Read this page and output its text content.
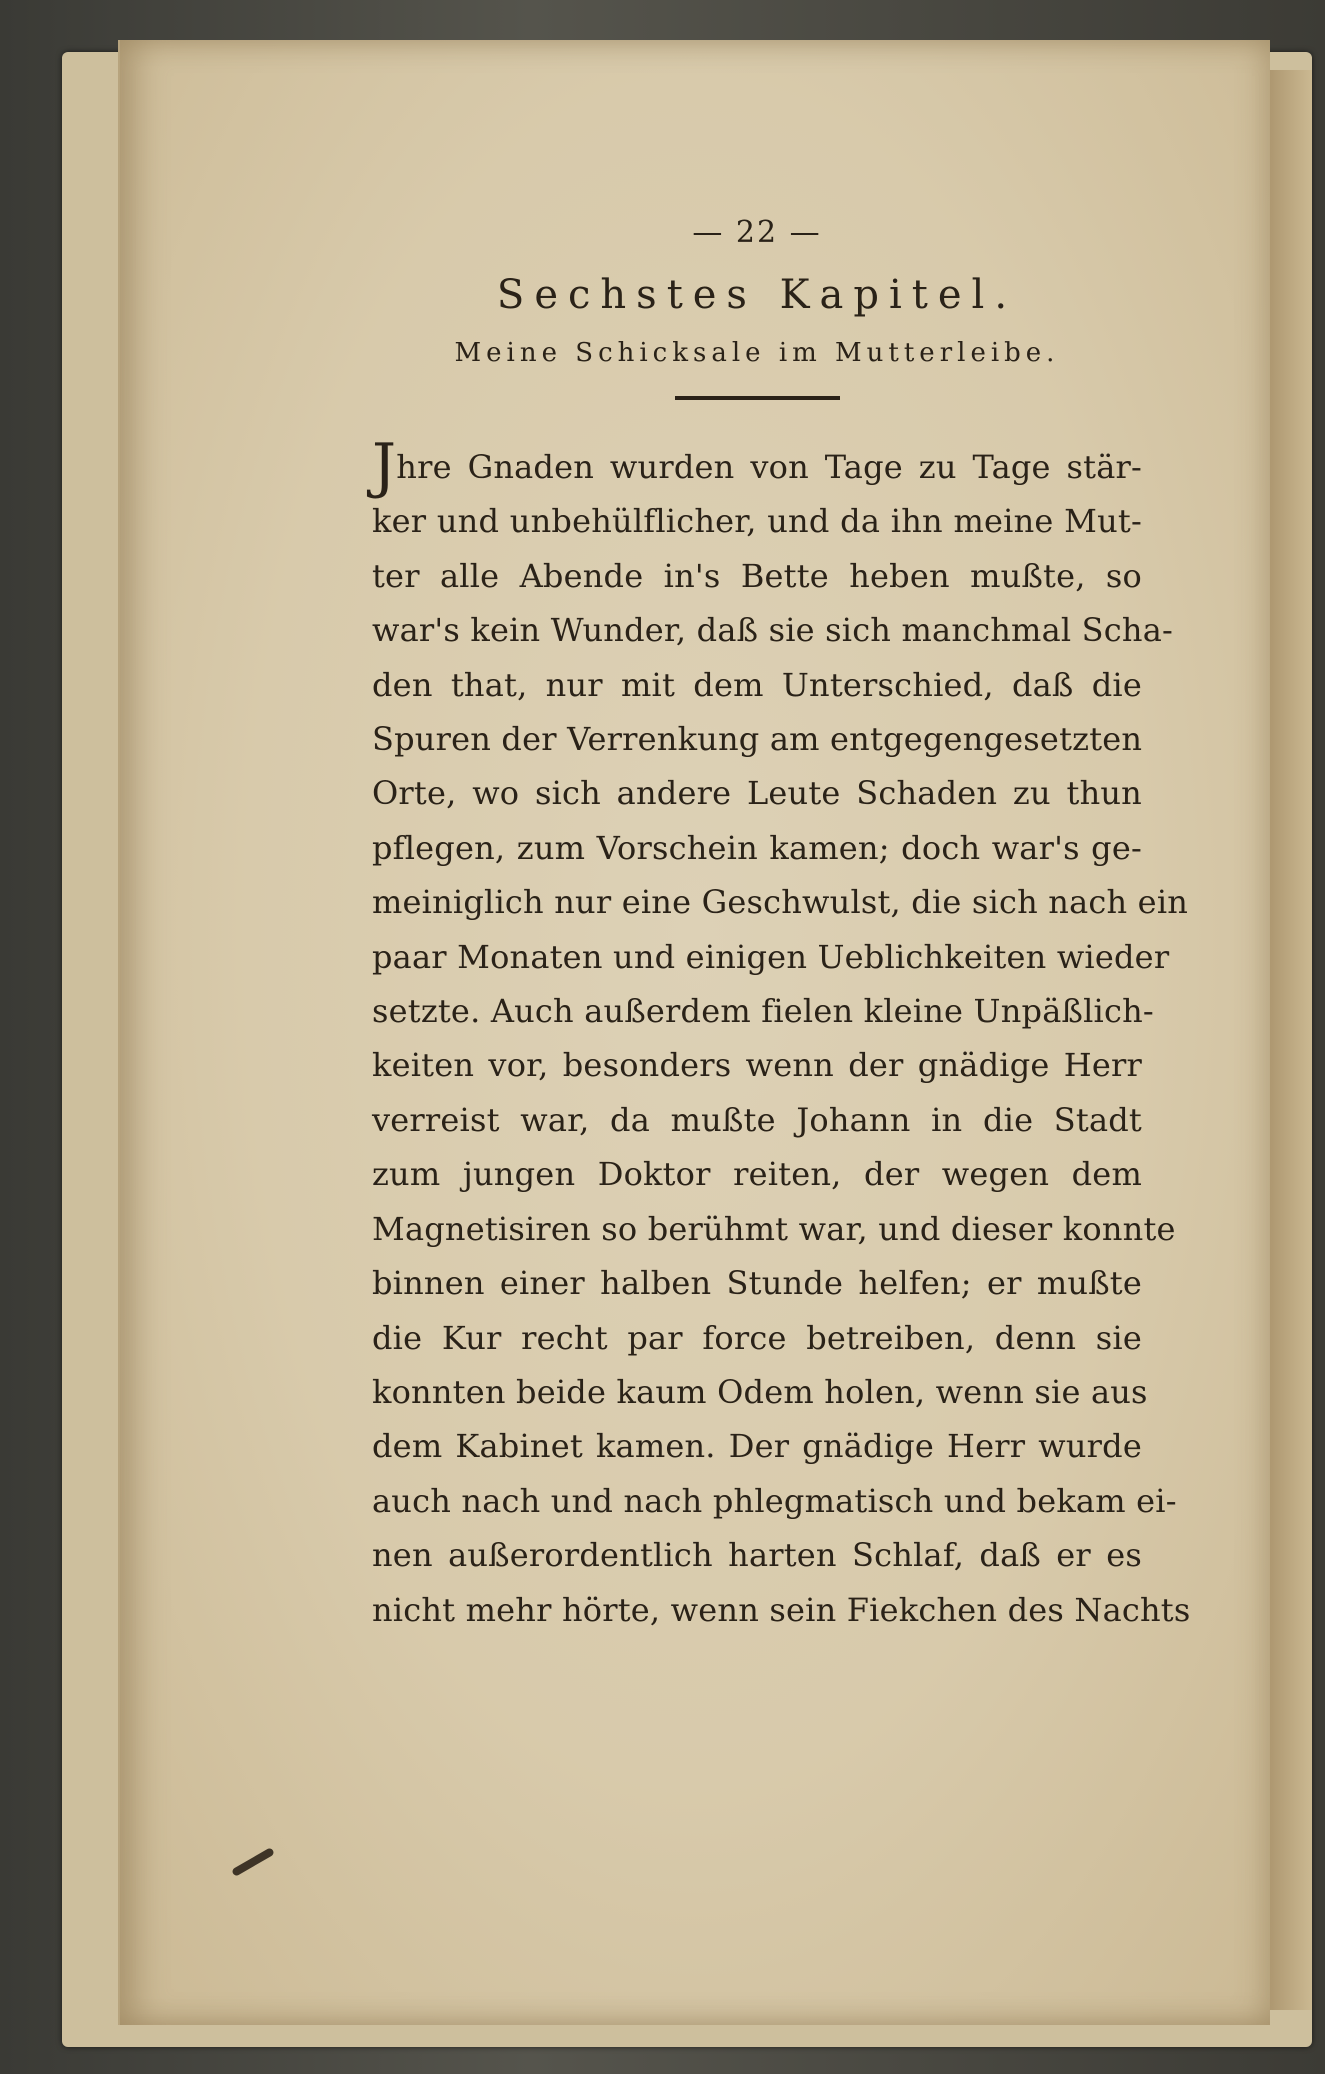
— 22 —
Sechstes Kapitel.
Meine Schicksale im Mutterleibe.
Jhre Gnaden wurden von Tage zu Tage stär-
ker und unbehülflicher, und da ihn meine Mut-
ter alle Abende in's Bette heben mußte, so
war's kein Wunder, daß sie sich manchmal Scha-
den that, nur mit dem Unterschied, daß die
Spuren der Verrenkung am entgegengesetzten
Orte, wo sich andere Leute Schaden zu thun
pflegen, zum Vorschein kamen; doch war's ge-
meiniglich nur eine Geschwulst, die sich nach ein
paar Monaten und einigen Ueblichkeiten wieder
setzte. Auch außerdem fielen kleine Unpäßlich-
keiten vor, besonders wenn der gnädige Herr
verreist war, da mußte Johann in die Stadt
zum jungen Doktor reiten, der wegen dem
Magnetisiren so berühmt war, und dieser konnte
binnen einer halben Stunde helfen; er mußte
die Kur recht par force betreiben, denn sie
konnten beide kaum Odem holen, wenn sie aus
dem Kabinet kamen. Der gnädige Herr wurde
auch nach und nach phlegmatisch und bekam ei-
nen außerordentlich harten Schlaf, daß er es
nicht mehr hörte, wenn sein Fiekchen des Nachts
